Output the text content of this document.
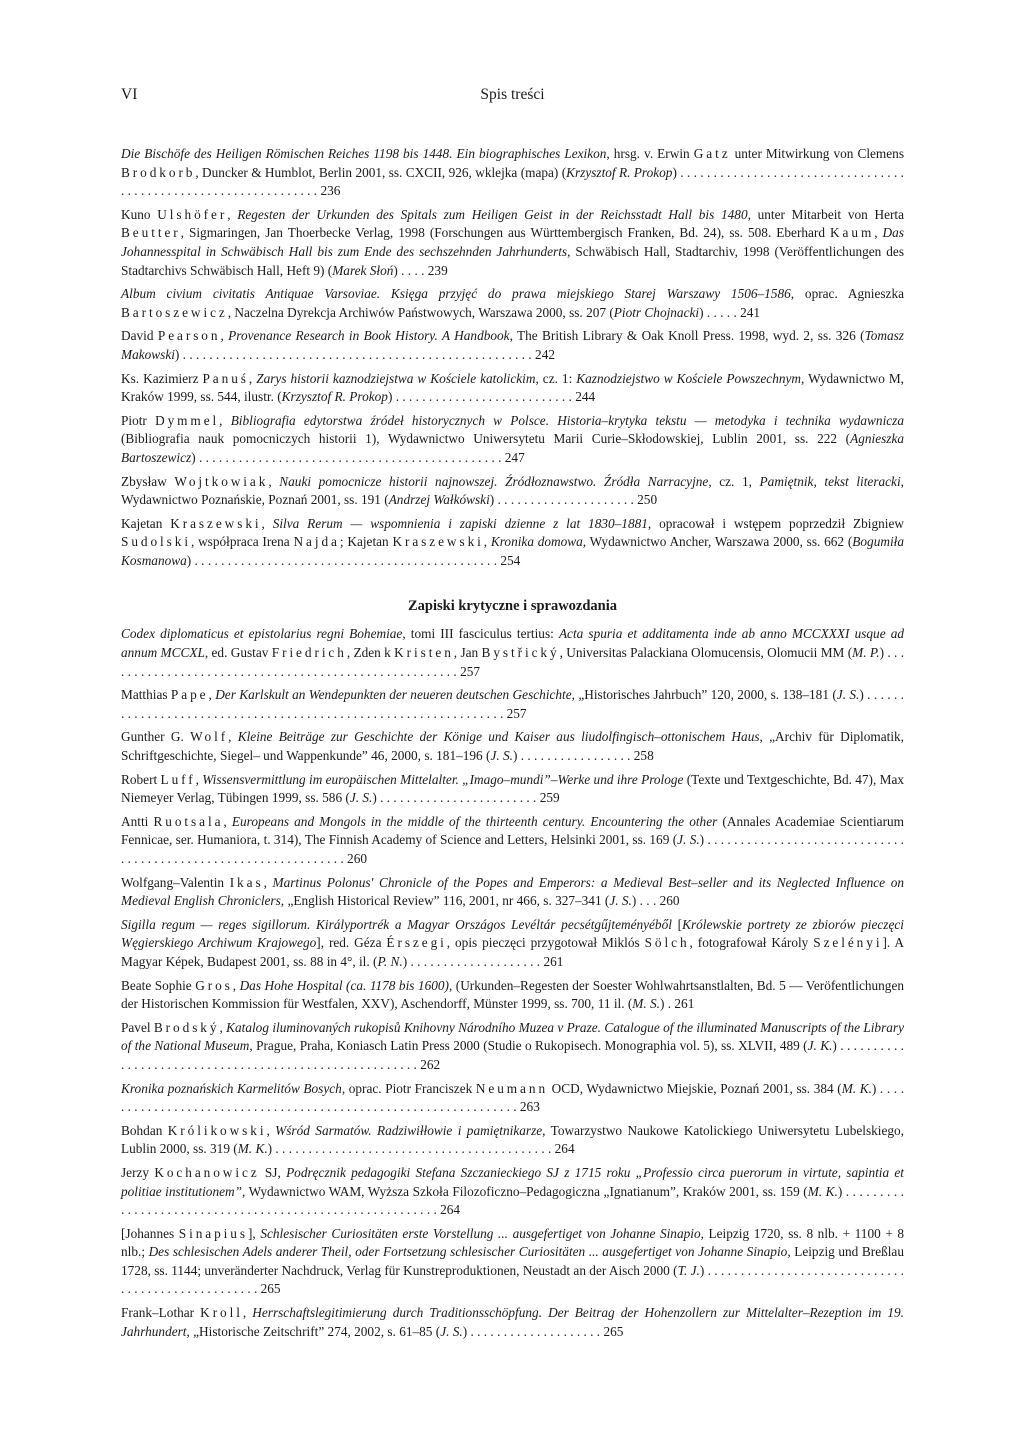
VI	Spis treści
Die Bischöfe des Heiligen Römischen Reiches 1198 bis 1448. Ein biographisches Lexikon, hrsg. v. Erwin Gatz unter Mitwirkung von Clemens Brodkorb, Duncker & Humblot, Berlin 2001, ss. CXCII, 926, wklejka (mapa) (Krzysztof R. Prokop) . . . . . . . . . . . . . . . . . . . . . . . . . . . . . . . . . . . . . . . . . . . . . . . . . . . . . . . . . . . . . . . . 236
Kuno Ulshöfer, Regesten der Urkunden des Spitals zum Heiligen Geist in der Reichsstadt Hall bis 1480, unter Mitarbeit von Herta Beutter, Sigmaringen, Jan Thoerbecke Verlag, 1998 (Forschungen aus Württembergisch Franken, Bd. 24), ss. 508. Eberhard Kaum, Das Johannesspital in Schwäbisch Hall bis zum Ende des sechszehnden Jahrhunderts, Schwäbisch Hall, Stadtarchiv, 1998 (Veröffentlichungen des Stadtarchivs Schwäbisch Hall, Heft 9) (Marek Słoń) . . . . 239
Album civium civitatis Antiquae Varsoviae. Księga przyjęć do prawa miejskiego Starej Warszawy 1506–1586, oprac. Agnieszka Bartoszewicz, Naczelna Dyrekcja Archiwów Państwowych, Warszawa 2000, ss. 207 (Piotr Chojnacki) . . . . . 241
David Pearson, Provenance Research in Book History. A Handbook, The British Library & Oak Knoll Press. 1998, wyd. 2, ss. 326 (Tomasz Makowski) . . . . . . . . . . . . . . . . . . . . . . . . . . . . . . . . . . . . . . . . . . . . . . . . . . . . . 242
Ks. Kazimierz Panuś, Zarys historii kaznodziejstwa w Kościele katolickim, cz. 1: Kaznodziejstwo w Kościele Powszechnym, Wydawnictwo M, Kraków 1999, ss. 544, ilustr. (Krzysztof R. Prokop) . . . . . . . . . . . . . . . . . . . . . . . . . . . 244
Piotr Dymmel, Bibliografia edytorstwa źródeł historycznych w Polsce. Historia–krytyka tekstu — metodyka i technika wydawnicza (Bibliografia nauk pomocniczych historii 1), Wydawnictwo Uniwersytetu Marii Curie–Skłodowskiej, Lublin 2001, ss. 222 (Agnieszka Bartoszewicz) . . . . . . . . . . . . . . . . . . . . . . . . . . . . . . . . . . . . . . . . . . . . . . 247
Zbysław Wojtkowiak, Nauki pomocnicze historii najnowszej. Źródłoznawstwo. Źródła Narracyjne, cz. 1, Pamiętnik, tekst literacki, Wydawnictwo Poznańskie, Poznań 2001, ss. 191 (Andrzej Wałkówski) . . . . . . . . . . . . . . . . . . . . . 250
Kajetan Kraszewski, Silva Rerum — wspomnienia i zapiski dzienne z lat 1830–1881, opracował i wstępem poprzedził Zbigniew Sudolski, współpraca Irena Najda; Kajetan Kraszewski, Kronika domowa, Wydawnictwo Ancher, Warszawa 2000, ss. 662 (Bogumiła Kosmanowa) . . . . . . . . . . . . . . . . . . . . . . . . . . . . . . . . . . . . . . . . . . . . . . 254
Zapiski krytyczne i sprawozdania
Codex diplomaticus et epistolarius regni Bohemiae, tomi III fasciculus tertius: Acta spuria et additamenta inde ab anno MCCXXXI usque ad annum MCCXL, ed. Gustav Friedrich, Zden k Kristen, Jan Bystřický, Universitas Palackiana Olomucensis, Olomucii MM (M. P.) . . . . . . . . . . . . . . . . . . . . . . . . . . . . . . . . . . . . . . . . . . . . . . . . . . . . . . 257
Matthias Pape, Der Karlskult an Wendepunkten der neueren deutschen Geschichte, „Historisches Jahrbuch” 120, 2000, s. 138–181 (J. S.) . . . . . . . . . . . . . . . . . . . . . . . . . . . . . . . . . . . . . . . . . . . . . . . . . . . . . . . . . . . . . . . . 257
Gunther G. Wolf, Kleine Beiträge zur Geschichte der Könige und Kaiser aus liudolfingisch–ottonischem Haus, „Archiv für Diplomatik, Schriftgeschichte, Siegel– und Wappenkunde” 46, 2000, s. 181–196 (J. S.) . . . . . . . . . . . . . . . . . 258
Robert Luff, Wissensvermittlung im europäischen Mittelalter. „Imago–mundi”–Werke und ihre Prologe (Texte und Textgeschichte, Bd. 47), Max Niemeyer Verlag, Tübingen 1999, ss. 586 (J. S.) . . . . . . . . . . . . . . . . . . . . . . . . 259
Antti Ruotsala, Europeans and Mongols in the middle of the thirteenth century. Encountering the other (Annales Academiae Scientiarum Fennicae, ser. Humaniora, t. 314), The Finnish Academy of Science and Letters, Helsinki 2001, ss. 169 (J. S.) . . . . . . . . . . . . . . . . . . . . . . . . . . . . . . . . . . . . . . . . . . . . . . . . . . . . . . . . . . . . . . . . 260
Wolfgang–Valentin Ikas, Martinus Polonus' Chronicle of the Popes and Emperors: a Medieval Best–seller and its Neglected Influence on Medieval English Chroniclers, „English Historical Review” 116, 2001, nr 466, s. 327–341 (J. S.) . . . 260
Sigilla regum — reges sigillorum. Királyportrék a Magyar Országos Levéltár pecsétgűjteményéből [Królewskie portrety ze zbiorów pieczęci Węgierskiego Archiwum Krajowego], red. Géza Érszegi, opis pieczęci przygotował Miklós Sölch, fotografował Károly Szelényi]. A Magyar Képek, Budapest 2001, ss. 88 in 4°, il. (P. N.) . . . . . . . . . . . . . . . . . . . . 261
Beate Sophie Gros, Das Hohe Hospital (ca. 1178 bis 1600), (Urkunden–Regesten der Soester Wohlwahrtsanstlalten, Bd. 5 — Veröfentlichungen der Historischen Kommission für Westfalen, XXV), Aschendorff, Münster 1999, ss. 700, 11 il. (M. S.) . 261
Pavel Brodský, Katalog iluminovaných rukopisů Knihovny Národního Muzea v Praze. Catalogue of the illuminated Manuscripts of the Library of the National Museum, Prague, Praha, Koniasch Latin Press 2000 (Studie o Rukopisech. Monographia vol. 5), ss. XLVII, 489 (J. K.) . . . . . . . . . . . . . . . . . . . . . . . . . . . . . . . . . . . . . . . . . . . . . . . . . . . . . . . 262
Kronika poznańskich Karmelitów Bosych, oprac. Piotr Franciszek Neumann OCD, Wydawnictwo Miejskie, Poznań 2001, ss. 384 (M. K.) . . . . . . . . . . . . . . . . . . . . . . . . . . . . . . . . . . . . . . . . . . . . . . . . . . . . . . . . . . . . . . . . 263
Bohdan Królikowski, Wśród Sarmatów. Radziwiłłowie i pamiętnikarze, Towarzystwo Naukowe Katolickiego Uniwersytetu Lubelskiego, Lublin 2000, ss. 319 (M. K.) . . . . . . . . . . . . . . . . . . . . . . . . . . . . . . . . . . . . . . . . . . 264
Jerzy Kochanowicz SJ, Podręcznik pedagogiki Stefana Szczanieckiego SJ z 1715 roku „Professio circa puerorum in virtute, sapintia et politiae institutionem”, Wydawnictwo WAM, Wyższa Szkoła Filozoficzno–Pedagogiczna „Ignatianum”, Kraków 2001, ss. 159 (M. K.) . . . . . . . . . . . . . . . . . . . . . . . . . . . . . . . . . . . . . . . . . . . . . . . . . . . . . . . . . 264
[Johannes Sinapius], Schlesischer Curiositäten erste Vorstellung ... ausgefertiget von Johanne Sinapio, Leipzig 1720, ss. 8 nlb. + 1100 + 8 nlb.; Des schlesischen Adels anderer Theil, oder Fortsetzung schlesischer Curiositäten ... ausgefertiget von Johanne Sinapio, Leipzig und Breßlau 1728, ss. 1144; unveränderter Nachdruck, Verlag für Kunstreproduktionen, Neustadt an der Aisch 2000 (T. J.) . . . . . . . . . . . . . . . . . . . . . . . . . . . . . . . . . . . . . . . . . . . . . . . . . . . 265
Frank–Lothar Kroll, Herrschaftslegitimierung durch Traditionsschöpfung. Der Beitrag der Hohenzollern zur Mittelalter–Rezeption im 19. Jahrhundert, „Historische Zeitschrift” 274, 2002, s. 61–85 (J. S.) . . . . . . . . . . . . . . . . . . . . 265
